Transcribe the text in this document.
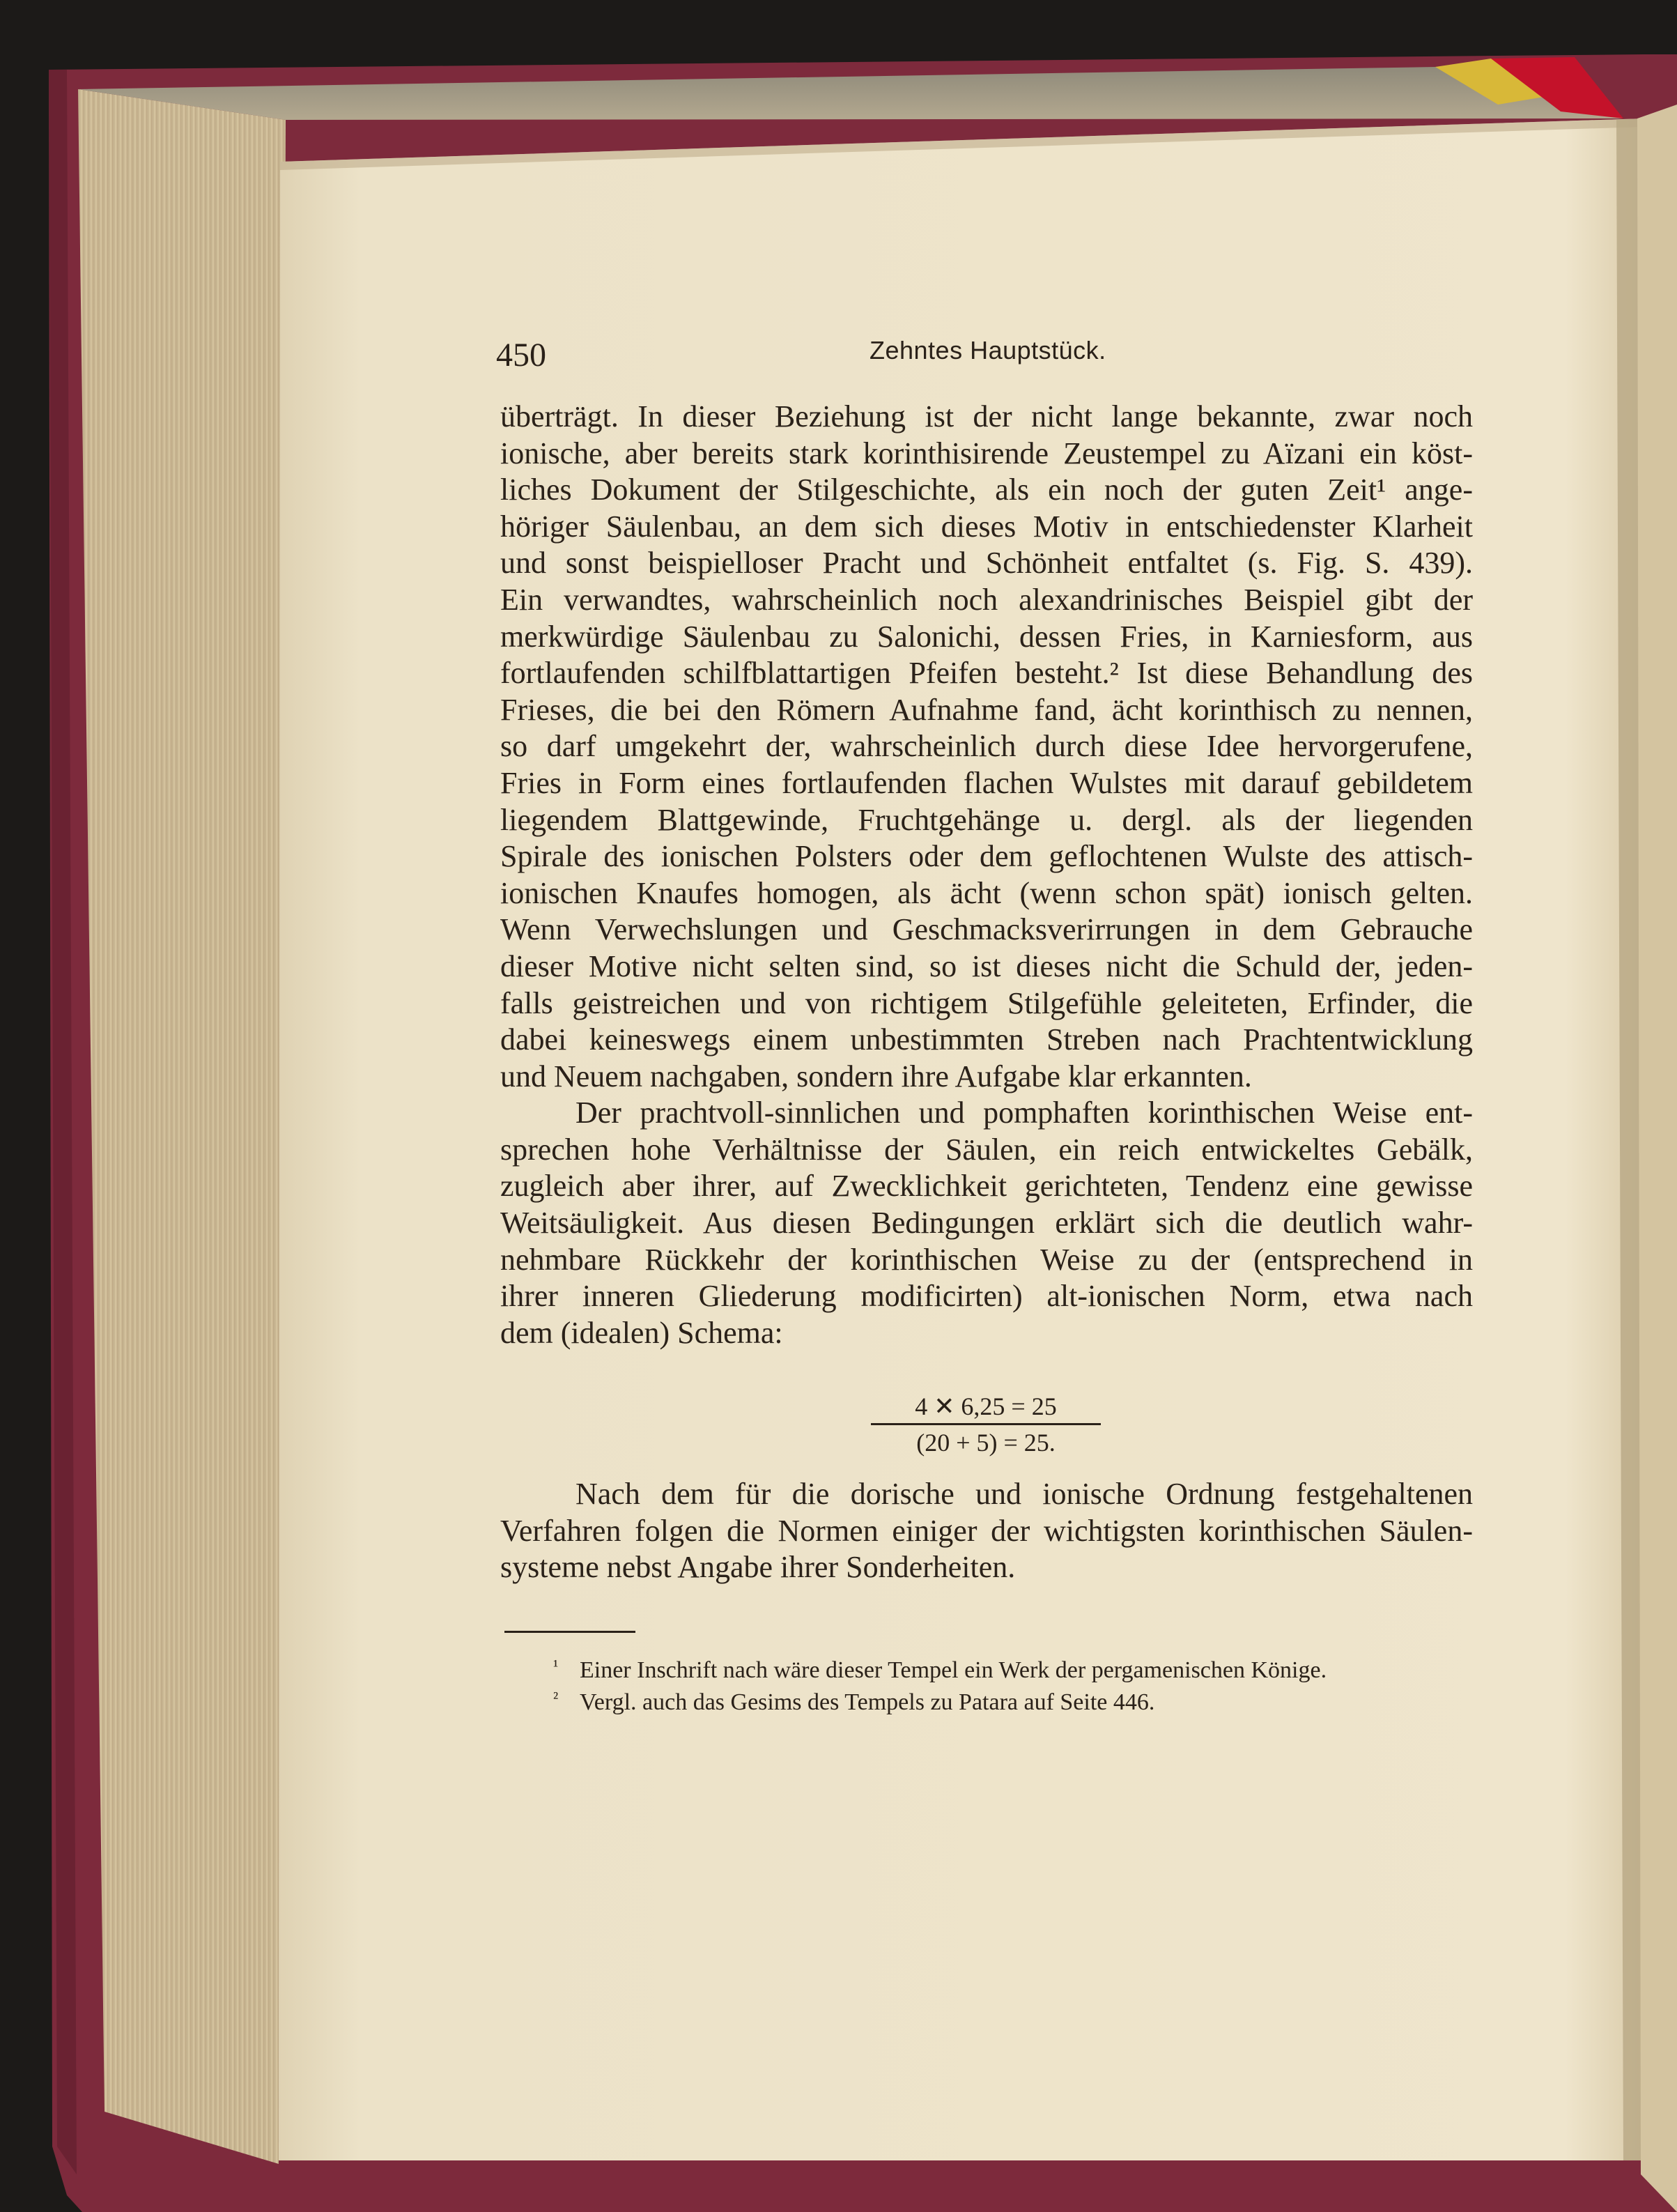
450	Zehntes Hauptstück.
überträgt. In dieser Beziehung ist der nicht lange bekannte, zwar noch
ionische, aber bereits stark korinthisirende Zeustempel zu Aïzani ein köst-
liches Dokument der Stilgeschichte, als ein noch der guten Zeit¹ ange-
höriger Säulenbau, an dem sich dieses Motiv in entschiedenster Klarheit
und sonst beispielloser Pracht und Schönheit entfaltet (s. Fig. S. 439).
Ein verwandtes, wahrscheinlich noch alexandrinisches Beispiel gibt der
merkwürdige Säulenbau zu Salonichi, dessen Fries, in Karniesform, aus
fortlaufenden schilfblattartigen Pfeifen besteht.² Ist diese Behandlung des
Frieses, die bei den Römern Aufnahme fand, ächt korinthisch zu nennen,
so darf umgekehrt der, wahrscheinlich durch diese Idee hervorgerufene,
Fries in Form eines fortlaufenden flachen Wulstes mit darauf gebildetem
liegendem Blattgewinde, Fruchtgehänge u. dergl. als der liegenden
Spirale des ionischen Polsters oder dem geflochtenen Wulste des attisch-
ionischen Knaufes homogen, als ächt (wenn schon spät) ionisch gelten.
Wenn Verwechslungen und Geschmacksverirrungen in dem Gebrauche
dieser Motive nicht selten sind, so ist dieses nicht die Schuld der, jeden-
falls geistreichen und von richtigem Stilgefühle geleiteten, Erfinder, die
dabei keineswegs einem unbestimmten Streben nach Prachtentwicklung
und Neuem nachgaben, sondern ihre Aufgabe klar erkannten.
Der prachtvoll-sinnlichen und pomphaften korinthischen Weise ent-
sprechen hohe Verhältnisse der Säulen, ein reich entwickeltes Gebälk,
zugleich aber ihrer, auf Zwecklichkeit gerichteten, Tendenz eine gewisse
Weitsäuligkeit. Aus diesen Bedingungen erklärt sich die deutlich wahr-
nehmbare Rückkehr der korinthischen Weise zu der (entsprechend in
ihrer inneren Gliederung modificirten) alt-ionischen Norm, etwa nach
dem (idealen) Schema:
$\frac{4 ✕ 6,25 = 25}{(20 + 5) = 25.}$
Nach dem für die dorische und ionische Ordnung festgehaltenen
Verfahren folgen die Normen einiger der wichtigsten korinthischen Säulen-
systeme nebst Angabe ihrer Sonderheiten.
¹ Einer Inschrift nach wäre dieser Tempel ein Werk der pergamenischen Könige.
² Vergl. auch das Gesims des Tempels zu Patara auf Seite 446.
